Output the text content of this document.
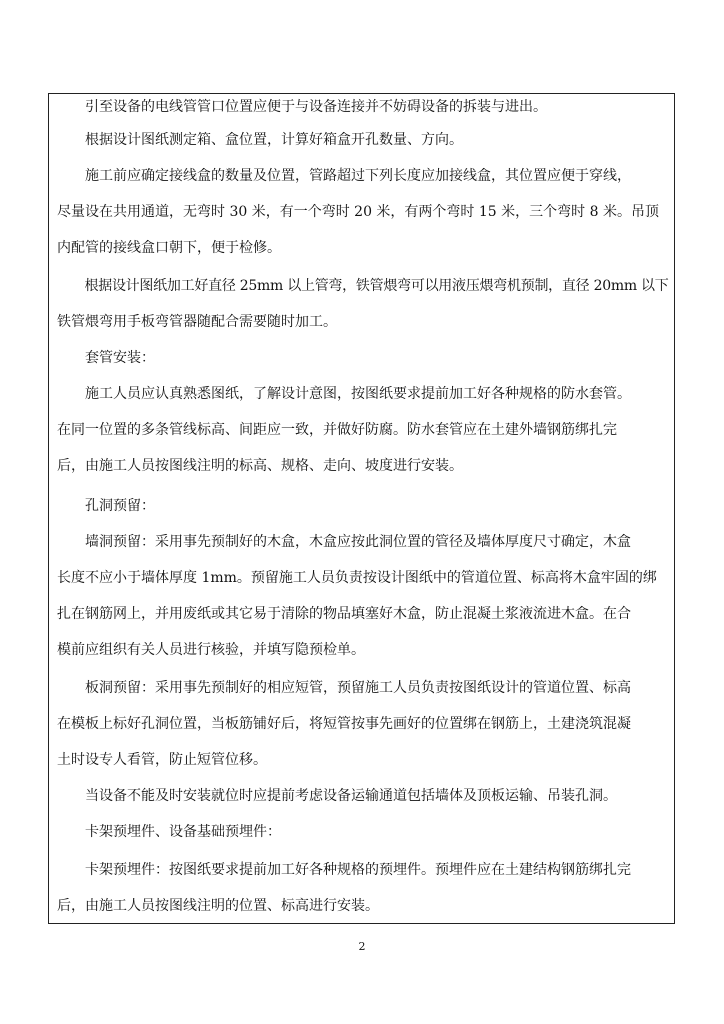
　　引至设备的电线管管口位置应便于与设备连接并不妨碍设备的拆装与进出。
　　根据设计图纸测定箱、盒位置，计算好箱盒开孔数量、方向。
　　施工前应确定接线盒的数量及位置，管路超过下列长度应加接线盒，其位置应便于穿线，
尽量设在共用通道，无弯时 30 米，有一个弯时 20 米，有两个弯时 15 米，三个弯时 8 米。吊顶
内配管的接线盒口朝下，便于检修。
　　根据设计图纸加工好直径 25mm 以上管弯，铁管煨弯可以用液压煨弯机预制，直径 20mm 以下
铁管煨弯用手板弯管器随配合需要随时加工。
　　套管安装：
　　施工人员应认真熟悉图纸，了解设计意图，按图纸要求提前加工好各种规格的防水套管。
在同一位置的多条管线标高、间距应一致，并做好防腐。防水套管应在土建外墙钢筋绑扎完
后，由施工人员按图线注明的标高、规格、走向、坡度进行安装。
　　孔洞预留：
　　墙洞预留：采用事先预制好的木盒，木盒应按此洞位置的管径及墙体厚度尺寸确定，木盒
长度不应小于墙体厚度 1mm。预留施工人员负责按设计图纸中的管道位置、标高将木盒牢固的绑
扎在钢筋网上，并用废纸或其它易于清除的物品填塞好木盒，防止混凝土浆液流进木盒。在合
模前应组织有关人员进行核验，并填写隐预检单。
　　板洞预留：采用事先预制好的相应短管，预留施工人员负责按图纸设计的管道位置、标高
在模板上标好孔洞位置，当板筋铺好后，将短管按事先画好的位置绑在钢筋上，土建浇筑混凝
土时设专人看管，防止短管位移。
　　当设备不能及时安装就位时应提前考虑设备运输通道包括墙体及顶板运输、吊装孔洞。
　　卡架预埋件、设备基础预埋件：
　　卡架预埋件：按图纸要求提前加工好各种规格的预埋件。预埋件应在土建结构钢筋绑扎完
后，由施工人员按图线注明的位置、标高进行安装。
2
